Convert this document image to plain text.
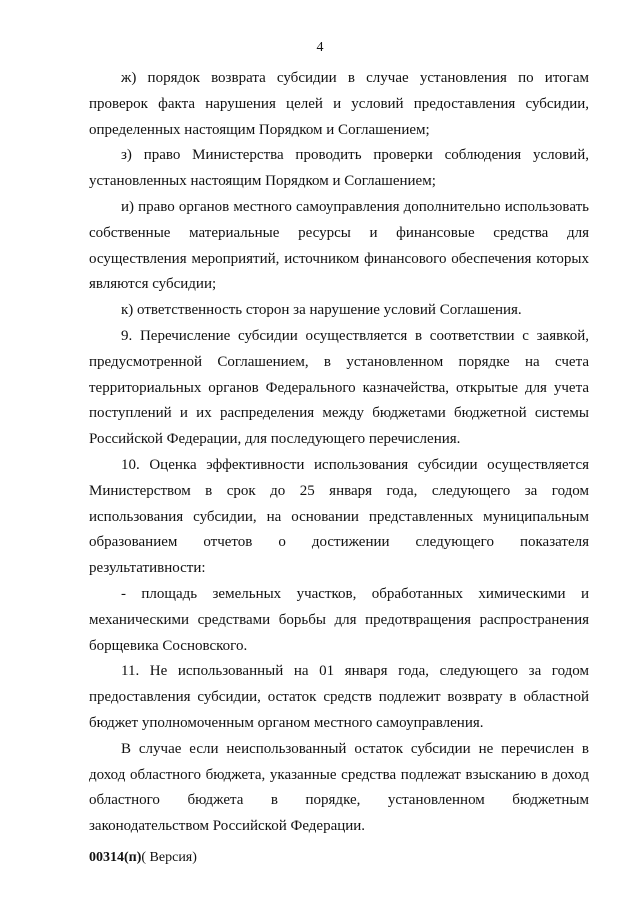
4

ж) порядок возврата субсидии в случае установления по итогам проверок факта нарушения целей и условий предоставления субсидии, определенных настоящим Порядком и Соглашением;

з) право Министерства проводить проверки соблюдения условий, установленных настоящим Порядком и Соглашением;

и) право органов местного самоуправления дополнительно использовать собственные материальные ресурсы и финансовые средства для осуществления мероприятий, источником финансового обеспечения которых являются субсидии;

к) ответственность сторон за нарушение условий Соглашения.

9. Перечисление субсидии осуществляется в соответствии с заявкой, предусмотренной Соглашением, в установленном порядке на счета территориальных органов Федерального казначейства, открытые для учета поступлений и их распределения между бюджетами бюджетной системы Российской Федерации, для последующего перечисления.

10. Оценка эффективности использования субсидии осуществляется Министерством в срок до 25 января года, следующего за годом использования субсидии, на основании представленных муниципальным образованием отчетов о достижении следующего показателя результативности:

- площадь земельных участков, обработанных химическими и механическими средствами борьбы для предотвращения распространения борщевика Сосновского.

11. Не использованный на 01 января года, следующего за годом предоставления субсидии, остаток средств подлежит возврату в областной бюджет уполномоченным органом местного самоуправления.

В случае если неиспользованный остаток субсидии не перечислен в доход областного бюджета, указанные средства подлежат взысканию в доход областного бюджета в порядке, установленном бюджетным законодательством Российской Федерации.

00314(п)( Версия)
